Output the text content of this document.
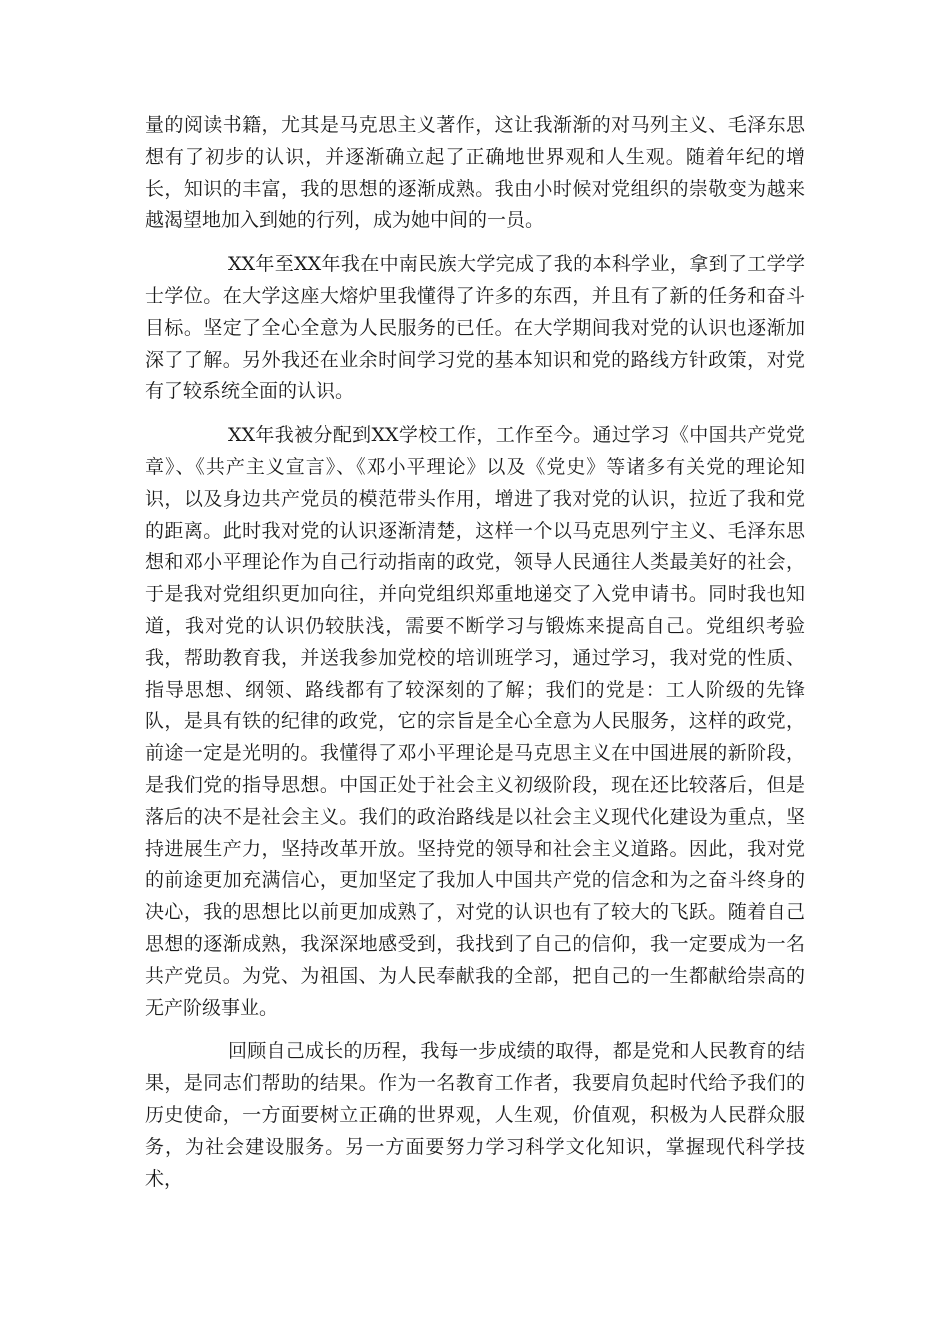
量的阅读书籍，尤其是马克思主义著作，这让我渐渐的对马列主义、毛泽东思想有了初步的认识，并逐渐确立起了正确地世界观和人生观。随着年纪的增长，知识的丰富，我的思想的逐渐成熟。我由小时候对党组织的崇敬变为越来越渴望地加入到她的行列，成为她中间的一员。

XX年至XX年我在中南民族大学完成了我的本科学业，拿到了工学学士学位。在大学这座大熔炉里我懂得了许多的东西，并且有了新的任务和奋斗目标。坚定了全心全意为人民服务的已任。在大学期间我对党的认识也逐渐加深了了解。另外我还在业余时间学习党的基本知识和党的路线方针政策，对党有了较系统全面的认识。

XX年我被分配到XX学校工作，工作至今。通过学习《中国共产党党章》、《共产主义宣言》、《邓小平理论》以及《党史》等诸多有关党的理论知识，以及身边共产党员的模范带头作用，增进了我对党的认识，拉近了我和党的距离。此时我对党的认识逐渐清楚，这样一个以马克思列宁主义、毛泽东思想和邓小平理论作为自己行动指南的政党，领导人民通往人类最美好的社会，于是我对党组织更加向往，并向党组织郑重地递交了入党申请书。同时我也知道，我对党的认识仍较肤浅，需要不断学习与锻炼来提高自己。党组织考验我，帮助教育我，并送我参加党校的培训班学习，通过学习，我对党的性质、指导思想、纲领、路线都有了较深刻的了解；我们的党是：工人阶级的先锋队，是具有铁的纪律的政党，它的宗旨是全心全意为人民服务，这样的政党，前途一定是光明的。我懂得了邓小平理论是马克思主义在中国进展的新阶段，是我们党的指导思想。中国正处于社会主义初级阶段，现在还比较落后，但是落后的决不是社会主义。我们的政治路线是以社会主义现代化建设为重点，坚持进展生产力，坚持改革开放。坚持党的领导和社会主义道路。因此，我对党的前途更加充满信心，更加坚定了我加人中国共产党的信念和为之奋斗终身的决心，我的思想比以前更加成熟了，对党的认识也有了较大的飞跃。随着自己思想的逐渐成熟，我深深地感受到，我找到了自己的信仰，我一定要成为一名共产党员。为党、为祖国、为人民奉献我的全部，把自己的一生都献给崇高的无产阶级事业。

回顾自己成长的历程，我每一步成绩的取得，都是党和人民教育的结果，是同志们帮助的结果。作为一名教育工作者，我要肩负起时代给予我们的历史使命，一方面要树立正确的世界观，人生观，价值观，积极为人民群众服务，为社会建设服务。另一方面要努力学习科学文化知识，掌握现代科学技术，
